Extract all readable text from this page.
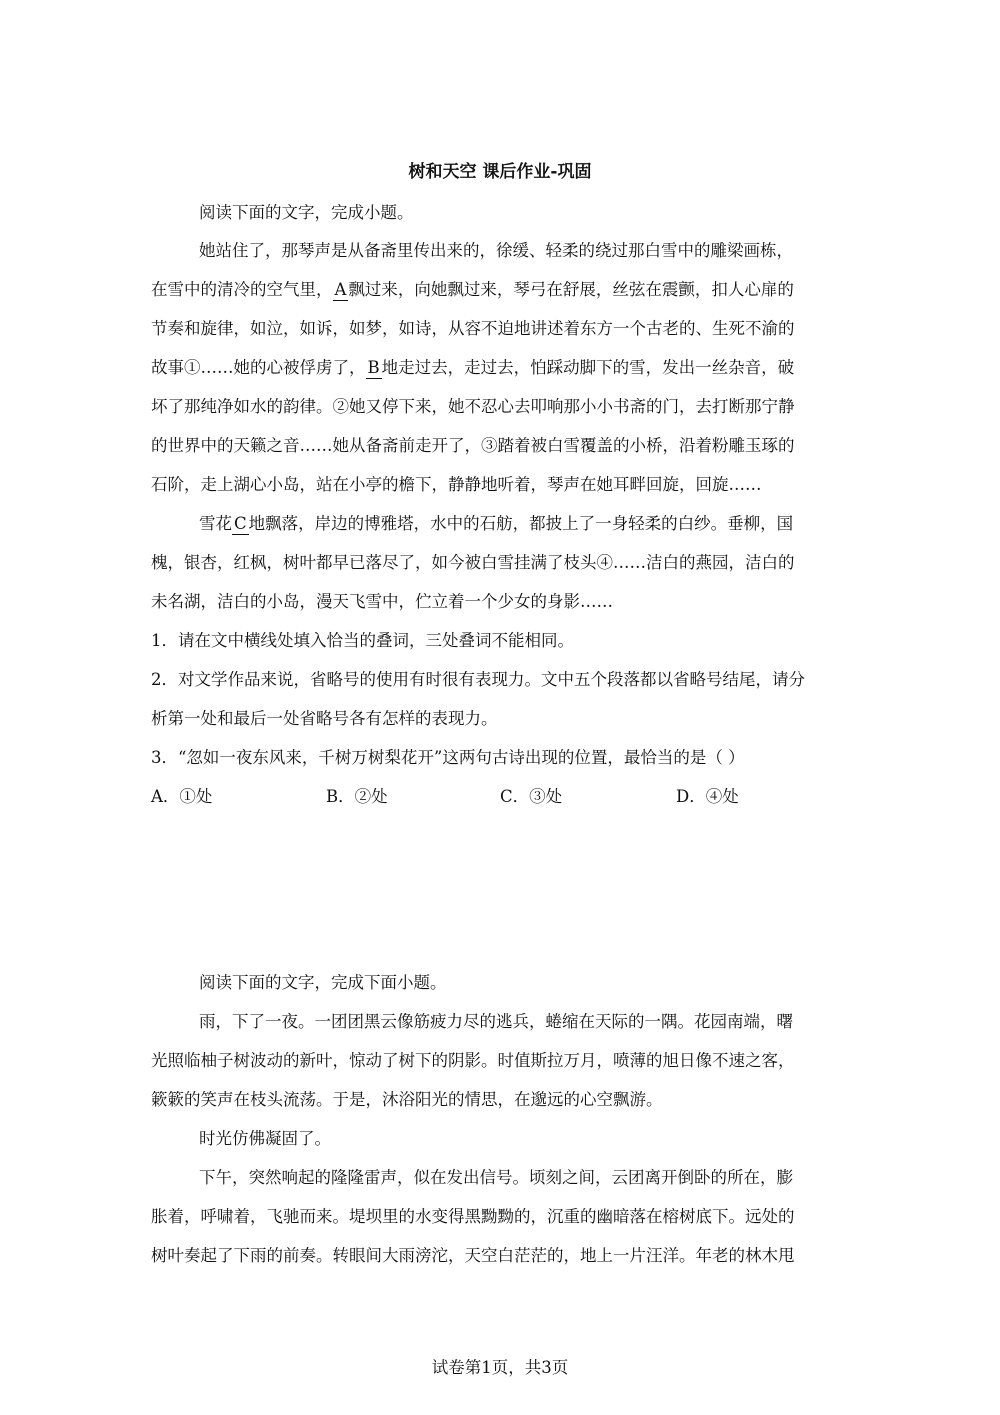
树和天空 课后作业-巩固
阅读下面的文字，完成小题。
她站住了，那琴声是从备斋里传出来的，徐缓、轻柔的绕过那白雪中的雕梁画栋，
在雪中的清冷的空气里， A 飘过来，向她飘过来，琴弓在舒展，丝弦在震颤，扣人心扉的
节奏和旋律，如泣，如诉，如梦，如诗，从容不迫地讲述着东方一个古老的、生死不渝的
故事①……她的心被俘虏了， B 地走过去，走过去，怕踩动脚下的雪，发出一丝杂音，破
坏了那纯净如水的韵律。②她又停下来，她不忍心去叩响那小小书斋的门，去打断那宁静
的世界中的天籁之音……她从备斋前走开了，③踏着被白雪覆盖的小桥，沿着粉雕玉琢的
石阶，走上湖心小岛，站在小亭的檐下，静静地听着，琴声在她耳畔回旋，回旋……
雪花 C 地飘落，岸边的博雅塔，水中的石舫，都披上了一身轻柔的白纱。垂柳，国
槐，银杏，红枫，树叶都早已落尽了，如今被白雪挂满了枝头④……洁白的燕园，洁白的
未名湖，洁白的小岛，漫天飞雪中，伫立着一个少女的身影……
1．请在文中横线处填入恰当的叠词，三处叠词不能相同。
2．对文学作品来说，省略号的使用有时很有表现力。文中五个段落都以省略号结尾，请分
析第一处和最后一处省略号各有怎样的表现力。
3．“忽如一夜东风来，千树万树梨花开”这两句古诗出现的位置，最恰当的是（ ）
A．①处	B．②处	C．③处	D．④处
阅读下面的文字，完成下面小题。
雨，下了一夜。一团团黑云像筋疲力尽的逃兵，蜷缩在天际的一隅。花园南端，曙
光照临柚子树波动的新叶，惊动了树下的阴影。时值斯拉万月，喷薄的旭日像不速之客，
簌簌的笑声在枝头流荡。于是，沐浴阳光的情思，在邈远的心空飘游。
时光仿佛凝固了。
下午，突然响起的隆隆雷声，似在发出信号。顷刻之间，云团离开倒卧的所在，膨
胀着，呼啸着，飞驰而来。堤坝里的水变得黑黝黝的，沉重的幽暗落在榕树底下。远处的
树叶奏起了下雨的前奏。转眼间大雨滂沱，天空白茫茫的，地上一片汪洋。年老的林木甩
试卷第1页，共3页
